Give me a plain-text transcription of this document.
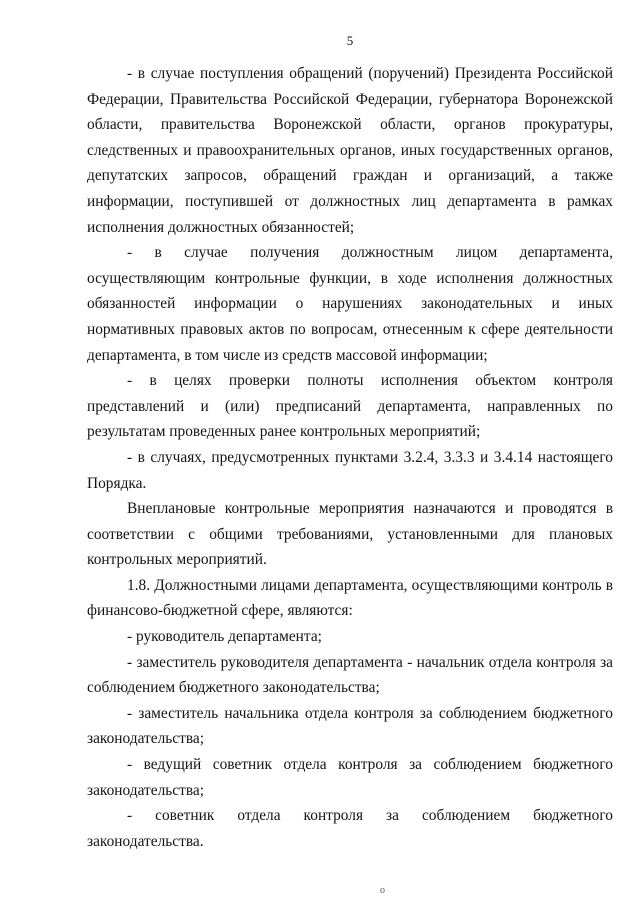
5

- в случае поступления обращений (поручений) Президента Российской Федерации, Правительства Российской Федерации, губернатора Воронежской области, правительства Воронежской области, органов прокуратуры, следственных и правоохранительных органов, иных государственных органов, депутатских запросов, обращений граждан и организаций, а также информации, поступившей от должностных лиц департамента в рамках исполнения должностных обязанностей;

- в случае получения должностным лицом департамента, осуществляющим контрольные функции, в ходе исполнения должностных обязанностей информации о нарушениях законодательных и иных нормативных правовых актов по вопросам, отнесенным к сфере деятельности департамента, в том числе из средств массовой информации;

- в целях проверки полноты исполнения объектом контроля представлений и (или) предписаний департамента, направленных по результатам проведенных ранее контрольных мероприятий;

- в случаях, предусмотренных пунктами 3.2.4, 3.3.3 и 3.4.14 настоящего Порядка.

Внеплановые контрольные мероприятия назначаются и проводятся в соответствии с общими требованиями, установленными для плановых контрольных мероприятий.

1.8. Должностными лицами департамента, осуществляющими контроль в финансово-бюджетной сфере, являются:

- руководитель департамента;

- заместитель руководителя департамента - начальник отдела контроля за соблюдением бюджетного законодательства;

- заместитель начальника отдела контроля за соблюдением бюджетного законодательства;

- ведущий советник отдела контроля за соблюдением бюджетного законодательства;

- советник отдела контроля за соблюдением бюджетного законодательства.

o
